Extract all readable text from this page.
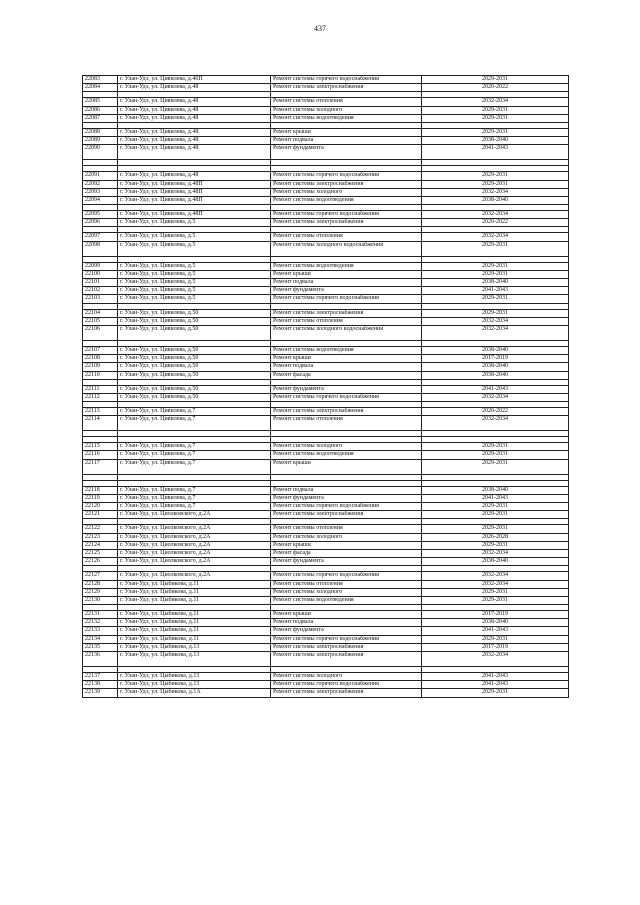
437
22083	г. Улан-Удэ, ул. Цивилева, д.46П	Ремонт системы горячего водоснабжения	2029-2031
22084	г. Улан-Удэ, ул. Цивилева, д.48	Ремонт системы электроснабжения	2020-2022

22085	г. Улан-Удэ, ул. Цивилева, д.48	Ремонт системы отопления	2032-2034
22086	г. Улан-Удэ, ул. Цивилева, д.48	Ремонт системы холодного	2029-2031
22087	г. Улан-Удэ, ул. Цивилева, д.48	Ремонт системы водоотведения	2029-2031

22088	г. Улан-Удэ, ул. Цивилева, д.48	Ремонт крыши	2029-2031
22089	г. Улан-Удэ, ул. Цивилева, д.48	Ремонт подвала	2038-2040
22090	г. Улан-Удэ, ул. Цивилева, д.48	Ремонт фундамента	2041-2043

22091	г. Улан-Удэ, ул. Цивилева, д.48	Ремонт системы горячего водоснабжения	2029-2031
22092	г. Улан-Удэ, ул. Цивилева, д.48П	Ремонт системы электроснабжения	2029-2031
22093	г. Улан-Удэ, ул. Цивилева, д.48П	Ремонт системы холодного	2032-2034
22094	г. Улан-Удэ, ул. Цивилева, д.48П	Ремонт системы водоотведения	2038-2040

22095	г. Улан-Удэ, ул. Цивилева, д.48П	Ремонт системы горячего водоснабжения	2032-2034
22096	г. Улан-Удэ, ул. Цивилева, д.5	Ремонт системы электроснабжения	2020-2022

22097	г. Улан-Удэ, ул. Цивилева, д.5	Ремонт системы отопления	2032-2034
22098	г. Улан-Удэ, ул. Цивилева, д.5	Ремонт системы холодного водоснабжения	2029-2031

22099	г. Улан-Удэ, ул. Цивилева, д.5	Ремонт системы водоотведения	2029-2031
22100	г. Улан-Удэ, ул. Цивилева, д.5	Ремонт крыши	2029-2031
22101	г. Улан-Удэ, ул. Цивилева, д.5	Ремонт подвала	2038-2040
22102	г. Улан-Удэ, ул. Цивилева, д.5	Ремонт фундамента	2041-2043
22103	г. Улан-Удэ, ул. Цивилева, д.5	Ремонт системы горячего водоснабжения	2029-2031

22104	г. Улан-Удэ, ул. Цивилева, д.50	Ремонт системы электроснабжения	2029-2031
22105	г. Улан-Удэ, ул. Цивилева, д.50	Ремонт системы отопления	2032-2034
22106	г. Улан-Удэ, ул. Цивилева, д.50	Ремонт системы холодного водоснабжения	2032-2034

22107	г. Улан-Удэ, ул. Цивилева, д.50	Ремонт системы водоотведения	2038-2040
22108	г. Улан-Удэ, ул. Цивилева, д.50	Ремонт крыши	2017-2019
22109	г. Улан-Удэ, ул. Цивилева, д.50	Ремонт подвала	2038-2040
22110	г. Улан-Удэ, ул. Цивилева, д.50	Ремонт фасада	2038-2040

22111	г. Улан-Удэ, ул. Цивилева, д.50	Ремонт фундамента	2041-2043
22112	г. Улан-Удэ, ул. Цивилева, д.50	Ремонт системы горячего водоснабжения	2032-2034

22113	г. Улан-Удэ, ул. Цивилева, д.7	Ремонт системы электроснабжения	2020-2022
22114	г. Улан-Удэ, ул. Цивилева, д.7	Ремонт системы отопления	2032-2034

22115	г. Улан-Удэ, ул. Цивилева, д.7	Ремонт системы холодного	2029-2031
22116	г. Улан-Удэ, ул. Цивилева, д.7	Ремонт системы водоотведения	2029-2031
22117	г. Улан-Удэ, ул. Цивилева, д.7	Ремонт крыши	2029-2031

22118	г. Улан-Удэ, ул. Цивилева, д.7	Ремонт подвала	2038-2040
22119	г. Улан-Удэ, ул. Цивилева, д.7	Ремонт фундамента	2041-2043
22120	г. Улан-Удэ, ул. Цивилева, д.7	Ремонт системы горячего водоснабжения	2029-2031
22121	г. Улан-Удэ, ул. Циолковского, д.2А	Ремонт системы электроснабжения	2029-2031

22122	г. Улан-Удэ, ул. Циолковского, д.2А	Ремонт системы отопления	2029-2031
22123	г. Улан-Удэ, ул. Циолковского, д.2А	Ремонт системы холодного	2026-2028
22124	г. Улан-Удэ, ул. Циолковского, д.2А	Ремонт крыши	2029-2031
22125	г. Улан-Удэ, ул. Циолковского, д.2А	Ремонт фасада	2032-2034
22126	г. Улан-Удэ, ул. Циолковского, д.2А	Ремонт фундамента	2038-2040

22127	г. Улан-Удэ, ул. Циолковского, д.2А	Ремонт системы горячего водоснабжения	2032-2034
22128	г. Улан-Удэ, ул. Цыбикова, д.11	Ремонт системы отопления	2032-2034
22129	г. Улан-Удэ, ул. Цыбикова, д.11	Ремонт системы холодного	2029-2031
22130	г. Улан-Удэ, ул. Цыбикова, д.11	Ремонт системы водоотведения	2029-2031

22131	г. Улан-Удэ, ул. Цыбикова, д.11	Ремонт крыши	2017-2019
22132	г. Улан-Удэ, ул. Цыбикова, д.11	Ремонт подвала	2038-2040
22133	г. Улан-Удэ, ул. Цыбикова, д.11	Ремонт фундамента	2041-2043
22134	г. Улан-Удэ, ул. Цыбикова, д.11	Ремонт системы горячего водоснабжения	2029-2031
22135	г. Улан-Удэ, ул. Цыбикова, д.13	Ремонт системы электроснабжения	2017-2019
22136	г. Улан-Удэ, ул. Цыбикова, д.13	Ремонт системы электроснабжения	2032-2034

22137	г. Улан-Удэ, ул. Цыбикова, д.13	Ремонт системы холодного	2041-2043
22138	г. Улан-Удэ, ул. Цыбикова, д.13	Ремонт системы горячего водоснабжения	2041-2043
22139	г. Улан-Удэ, ул. Цыбикова, д.1А	Ремонт системы электроснабжения	2029-2031
